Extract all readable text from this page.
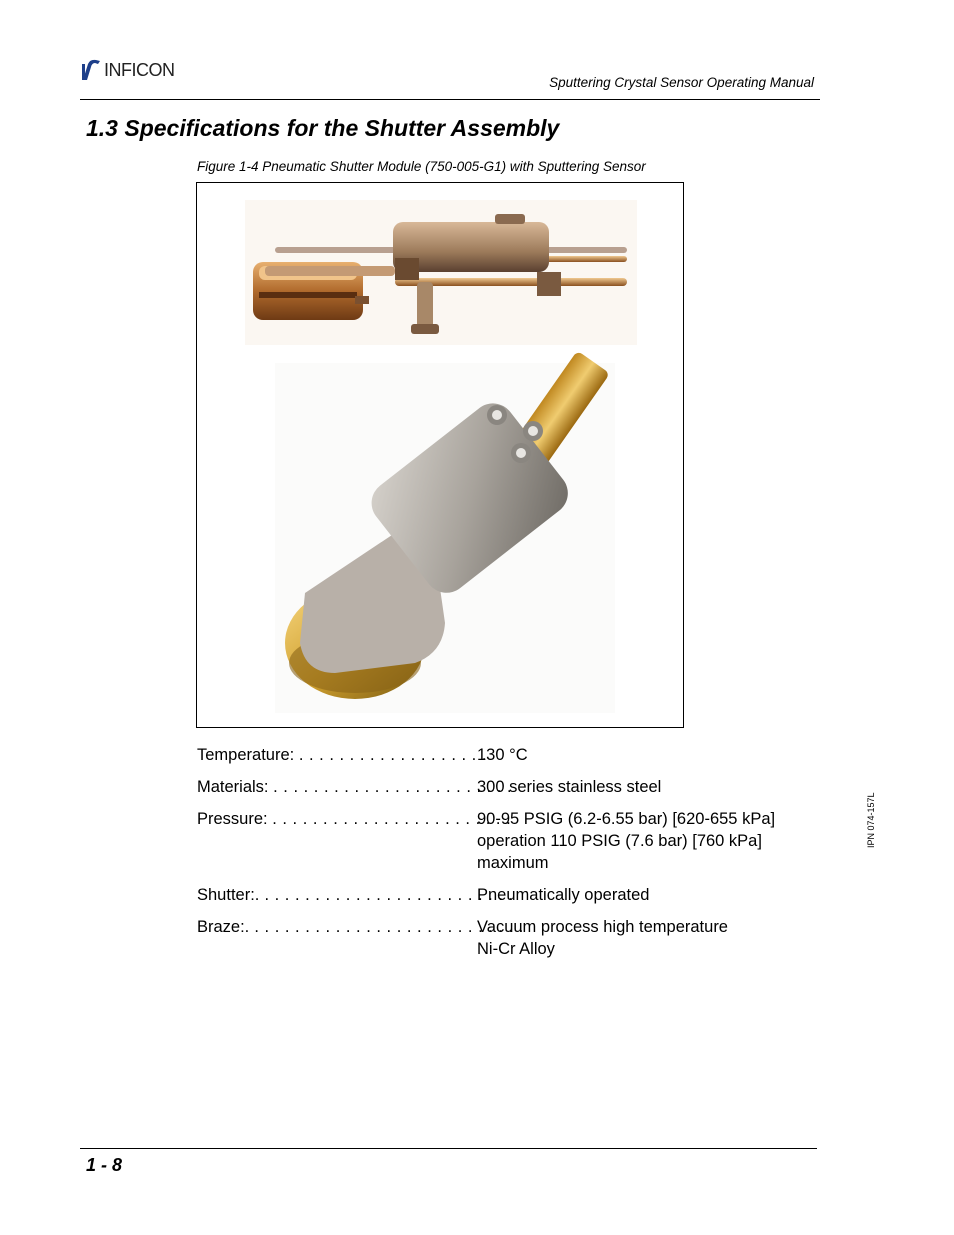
INFICON
Sputtering Crystal Sensor Operating Manual
1.3 Specifications for the Shutter Assembly
Figure 1-4 Pneumatic Shutter Module (750-005-G1) with Sputtering Sensor
Temperature: . . . . . . . . . . . . . . . . . . .
130 °C
Materials: . . . . . . . . . . . . . . . . . . . . . . . .
300 series stainless steel
Pressure: . . . . . . . . . . . . . . . . . . . . . . . .
90-95 PSIG (6.2-6.55 bar) [620-655 kPa]
operation 110 PSIG (7.6 bar) [760 kPa]
maximum
Shutter:. . . . . . . . . . . . . . . . . . . . . . . . . .
Pneumatically operated
Braze:. . . . . . . . . . . . . . . . . . . . . . . . . . . .
Vacuum process high temperature
Ni-Cr Alloy
IPN 074-157L
1 - 8
